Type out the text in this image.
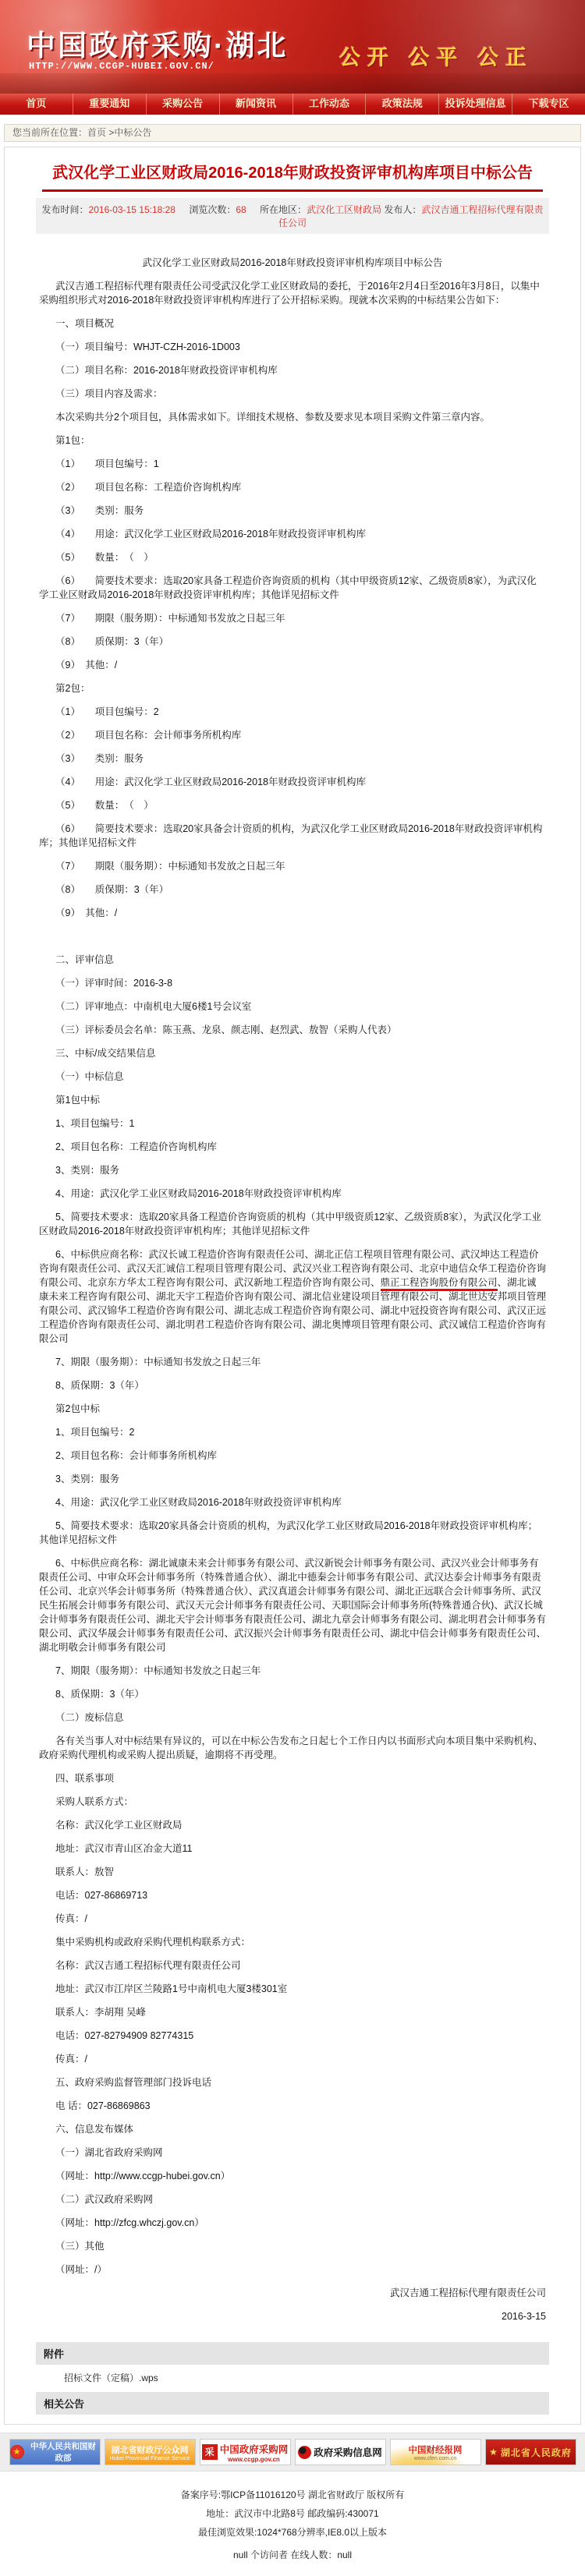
中国政府采购·湖北
HTTP://WWW.CCGP-HUBEI.GOV.CN/	公开 公平 公正
首页	重要通知	采购公告	新闻资讯	工作动态	政策法规	投诉处理信息	下载专区
您当前所在位置：首页 >中标公告
武汉化学工业区财政局2016-2018年财政投资评审机构库项目中标公告
发布时间：2016-03-15 15:18:28 浏览次数：68 所在地区：武汉化工区财政局 发布人：武汉吉通工程招标代理有限责任公司
武汉化学工业区财政局2016-2018年财政投资评审机构库项目中标公告
武汉吉通工程招标代理有限责任公司受武汉化学工业区财政局的委托，于2016年2月4日至2016年3月8日，以集中采购组织形式对2016-2018年财政投资评审机构库进行了公开招标采购。现就本次采购的中标结果公告如下：
一、项目概况
（一）项目编号：WHJT-CZH-2016-1D003
（二）项目名称：2016-2018年财政投资评审机构库
（三）项目内容及需求：
本次采购共分2个项目包，具体需求如下。详细技术规格、参数及要求见本项目采购文件第三章内容。
第1包：
（1）　　项目包编号：1
（2）　　项目包名称：工程造价咨询机构库
（3）　　类别：服务
（4）　　用途：武汉化学工业区财政局2016-2018年财政投资评审机构库
（5）　　数量：　（　）
（6）　　简要技术要求：选取20家具备工程造价咨询资质的机构（其中甲级资质12家、乙级资质8家），为武汉化学工业区财政局2016-2018年财政投资评审机构库；其他详见招标文件
（7）　　期限（服务期）：中标通知书发放之日起三年
（8）　　质保期：3（年）
（9）　其他：/
第2包：
（1）　　项目包编号：2
（2）　　项目包名称：会计师事务所机构库
（3）　　类别：服务
（4）　　用途：武汉化学工业区财政局2016-2018年财政投资评审机构库
（5）　　数量：　（　）
（6）　　简要技术要求：选取20家具备会计资质的机构，为武汉化学工业区财政局2016-2018年财政投资评审机构库；其他详见招标文件
（7）　　期限（服务期）：中标通知书发放之日起三年
（8）　　质保期：3（年）
（9）　其他：/
二、评审信息
（一）评审时间：2016-3-8
（二）评审地点：中南机电大厦6楼1号会议室
（三）评标委员会名单：陈玉燕、龙泉、颜志刚、赵烈武、敖智（采购人代表）
三、中标/成交结果信息
（一）中标信息
第1包中标
1、项目包编号：1
2、项目包名称：工程造价咨询机构库
3、类别：服务
4、用途：武汉化学工业区财政局2016-2018年财政投资评审机构库
5、简要技术要求：选取20家具备工程造价咨询资质的机构（其中甲级资质12家、乙级资质8家），为武汉化学工业区财政局2016-2018年财政投资评审机构库；其他详见招标文件
6、中标供应商名称：武汉长诚工程造价咨询有限责任公司、湖北正信工程项目管理有限公司、武汉坤达工程造价咨询有限责任公司、武汉天汇诚信工程项目管理有限公司、武汉兴业工程咨询有限公司、北京中迪信众华工程造价咨询有限公司、北京东方华太工程咨询有限公司、武汉新地工程造价咨询有限公司、鼎正工程咨询股份有限公司、湖北诚康未来工程咨询有限公司、湖北天宇工程造价咨询有限公司、湖北信业建设项目管理有限公司、湖北世达安邦项目管理有限公司、武汉锦华工程造价咨询有限公司、湖北志成工程造价咨询有限公司、湖北中冠投资咨询有限公司、武汉正远工程造价咨询有限责任公司、湖北明君工程造价咨询有限公司、湖北奥博项目管理有限公司、武汉诚信工程造价咨询有限公司
7、期限（服务期）：中标通知书发放之日起三年
8、质保期：3（年）
第2包中标
1、项目包编号：2
2、项目包名称：会计师事务所机构库
3、类别：服务
4、用途：武汉化学工业区财政局2016-2018年财政投资评审机构库
5、简要技术要求：选取20家具备会计资质的机构，为武汉化学工业区财政局2016-2018年财政投资评审机构库；其他详见招标文件
6、中标供应商名称：湖北诚康未来会计师事务有限公司、武汉新锐会计师事务有限公司、武汉兴业会计师事务有限责任公司、中审众环会计师事务所（特殊普通合伙）、湖北中德秦会计师事务有限公司、武汉达泰会计师事务有限责任公司、北京兴华会计师事务所（特殊普通合伙）、武汉真道会计师事务有限公司、湖北正远联合会计师事务所、武汉民生拓展会计师事务有限公司、武汉天元会计师事务有限责任公司、天职国际会计师事务所(特殊普通合伙)、武汉长城会计师事务有限责任公司、湖北天宇会计师事务有限责任公司、湖北九章会计师事务有限公司、湖北明君会计师事务有限公司、武汉华晟会计师事务有限责任公司、武汉振兴会计师事务有限责任公司、湖北中信会计师事务有限责任公司、湖北明敬会计师事务有限公司
7、期限（服务期）：中标通知书发放之日起三年
8、质保期：3（年）
（二）废标信息
各有关当事人对中标结果有异议的，可以在中标公告发布之日起七个工作日内以书面形式向本项目集中采购机构、政府采购代理机构或采购人提出质疑，逾期将不再受理。
四、联系事项
采购人联系方式：
名称：武汉化学工业区财政局
地址：武汉市青山区冶金大道11
联系人：敖智
电话：027-86869713
传真：/
集中采购机构或政府采购代理机构联系方式：
名称：武汉吉通工程招标代理有限责任公司
地址：武汉市江岸区兰陵路1号中南机电大厦3楼301室
联系人：李胡翔 吴峰
电话：027-82794909 82774315
传真：/
五、政府采购监督管理部门投诉电话
电 话：027-86869863
六、信息发布媒体
（一）湖北省政府采购网
（网址：http://www.ccgp-hubei.gov.cn）
（二）武汉政府采购网
（网址：http://zfcg.whczj.gov.cn）
（三）其他
（网址：/）
武汉吉通工程招标代理有限责任公司
2016-3-15
附件
招标文件（定稿）.wps
相关公告
★
中华人民共和国财政部
湖北省财政厅公众网
Hubei Provincial Finance Service
采 中国政府采购网
www.ccgp.gov.cn
政府采购信息网	中国财经报网
www.cfen.com.cn
★ 湖北省人民政府
备案序号:鄂ICP备11016120号 湖北省财政厅 版权所有
地址：武汉市中北路8号 邮政编码:430071
最佳浏览效果:1024*768分辨率,IE8.0以上版本
null 个访问者 在线人数：null
